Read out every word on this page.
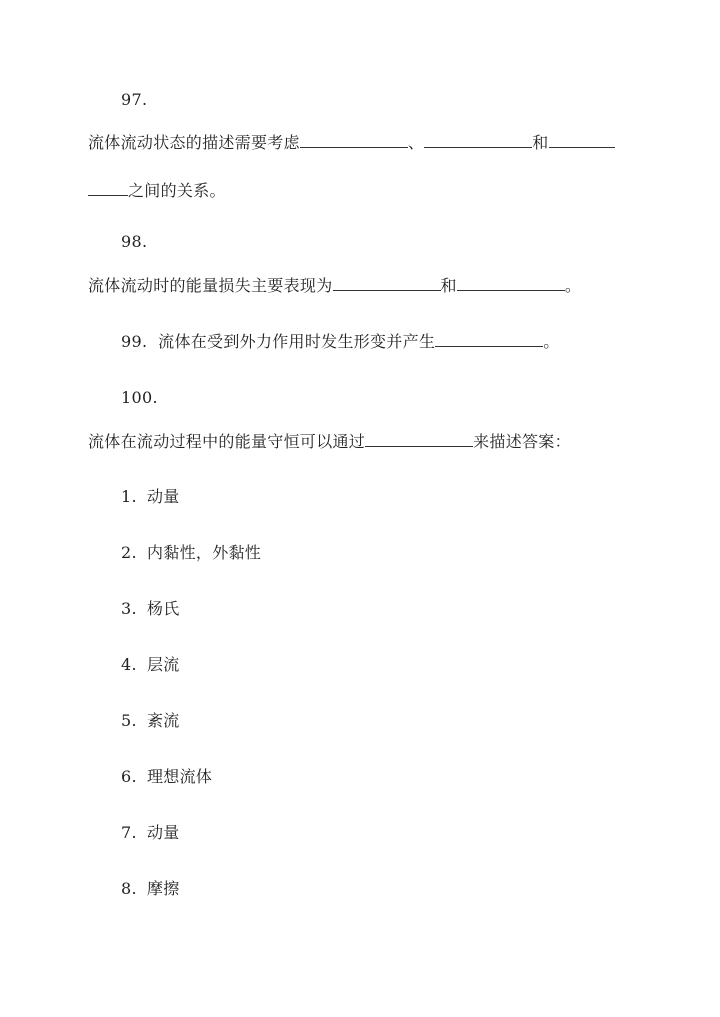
97.
流体流动状态的描述需要考虑	、	和
之间的关系。
98.
流体流动时的能量损失主要表现为	和	。
99. 流体在受到外力作用时发生形变并产生	。
100.
流体在流动过程中的能量守恒可以通过	来描述答案：
1. 动量
2. 内黏性，外黏性
3. 杨氏
4. 层流
5. 紊流
6. 理想流体
7. 动量
8. 摩擦
